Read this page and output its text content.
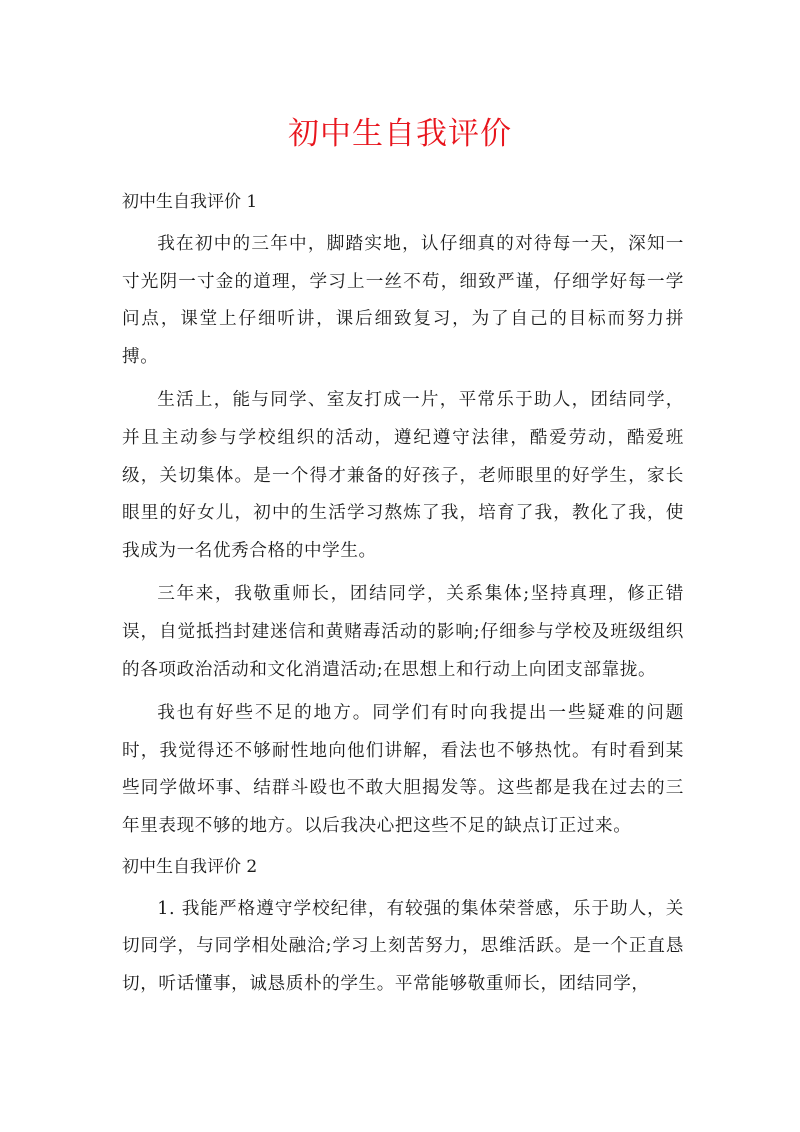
初中生自我评价

初中生自我评价 1

我在初中的三年中，脚踏实地，认仔细真的对待每一天，深知一寸光阴一寸金的道理，学习上一丝不苟，细致严谨，仔细学好每一学问点，课堂上仔细听讲，课后细致复习，为了自己的目标而努力拼搏。

生活上，能与同学、室友打成一片，平常乐于助人，团结同学，并且主动参与学校组织的活动，遵纪遵守法律，酷爱劳动，酷爱班级，关切集体。是一个得才兼备的好孩子，老师眼里的好学生，家长眼里的好女儿，初中的生活学习熬炼了我，培育了我，教化了我，使我成为一名优秀合格的中学生。

三年来，我敬重师长，团结同学，关系集体;坚持真理，修正错误，自觉抵挡封建迷信和黄赌毒活动的影响;仔细参与学校及班级组织的各项政治活动和文化消遣活动;在思想上和行动上向团支部靠拢。

我也有好些不足的地方。同学们有时向我提出一些疑难的问题时，我觉得还不够耐性地向他们讲解，看法也不够热忱。有时看到某些同学做坏事、结群斗殴也不敢大胆揭发等。这些都是我在过去的三年里表现不够的地方。以后我决心把这些不足的缺点订正过来。

初中生自我评价 2

1. 我能严格遵守学校纪律，有较强的集体荣誉感，乐于助人，关切同学，与同学相处融洽;学习上刻苦努力，思维活跃。是一个正直恳切，听话懂事，诚恳质朴的学生。平常能够敬重师长，团结同学，
